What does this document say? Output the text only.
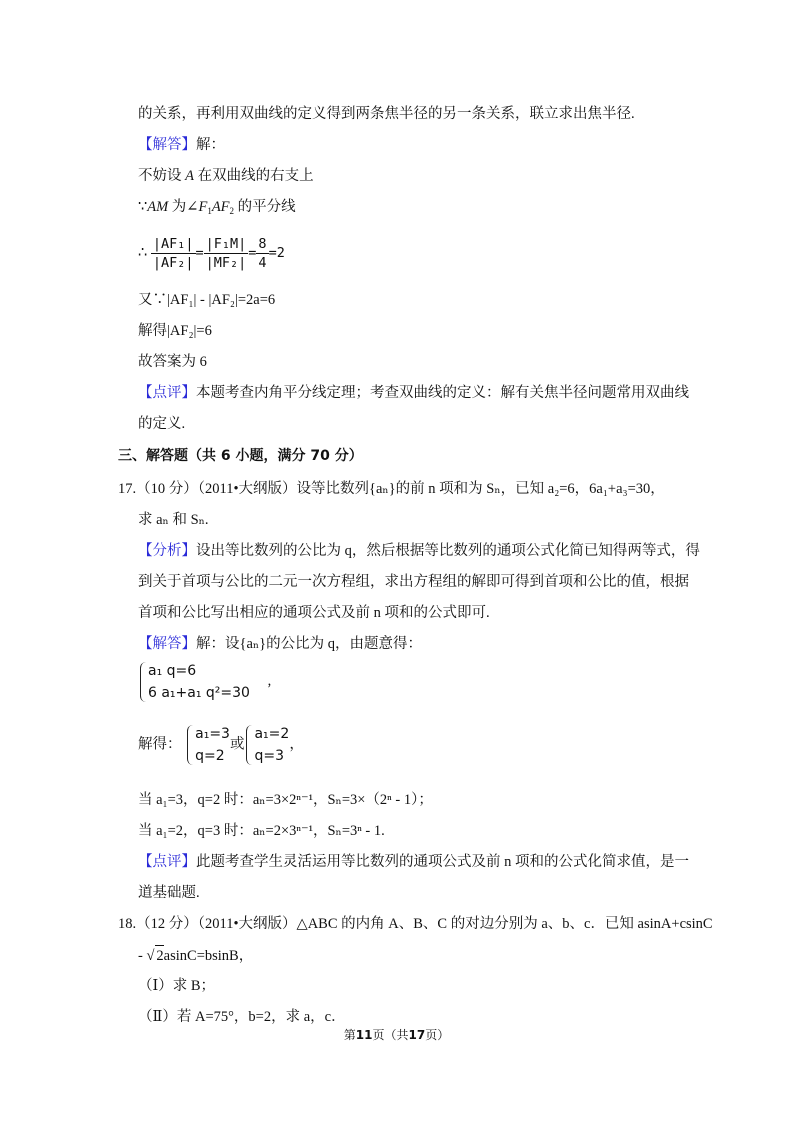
的关系，再利用双曲线的定义得到两条焦半径的另一条关系，联立求出焦半径.
【解答】解：
不妨设 A 在双曲线的右支上
∵AM 为$\angle F_1AF_2$ 的平分线
∴ $\frac{\text{|AF₁|}}{\text{|AF₂|}} = \frac{\text{|F₁M|}}{\text{|MF₂|}} = \frac{8}{4} =2$
又∵|AF₁| - |AF₂|=2a=6
解得|AF₂|=6
故答案为 6
【点评】本题考查内角平分线定理；考查双曲线的定义：解有关焦半径问题常用双曲线
的定义.
三、解答题（共 6 小题，满分 70 分）
17.（10 分）（2011•大纲版）设等比数列{aₙ}的前 n 项和为 Sₙ，已知 a₂=6，6a₁+a₃=30，
求 aₙ 和 Sₙ.
【分析】设出等比数列的公比为 q，然后根据等比数列的通项公式化简已知得两等式，得
到关于首项与公比的二元一次方程组，求出方程组的解即可得到首项和公比的值，根据
首项和公比写出相应的通项公式及前 n 项和的公式即可.
【解答】解：设{aₙ}的公比为 q，由题意得：
a₁ q=6
6 a₁+a₁ q²=30
,
解得：
a₁=3
q=2
或
a₁=2
q=3
，
当 a₁=3，q=2 时：aₙ=3×2ⁿ⁻¹，Sₙ=3×（2ⁿ - 1）；
当 a₁=2，q=3 时：aₙ=2×3ⁿ⁻¹，Sₙ=3ⁿ - 1.
【点评】此题考查学生灵活运用等比数列的通项公式及前 n 项和的公式化简求值，是一
道基础题.
18.（12 分）（2011•大纲版）△ABC 的内角 A、B、C 的对边分别为 a、b、c．已知 asinA+csinC
- √ 2asinC=bsinB，
（Ⅰ）求 B；
（Ⅱ）若 A=75°，b=2，求 a，c．
第11页（共17页）
